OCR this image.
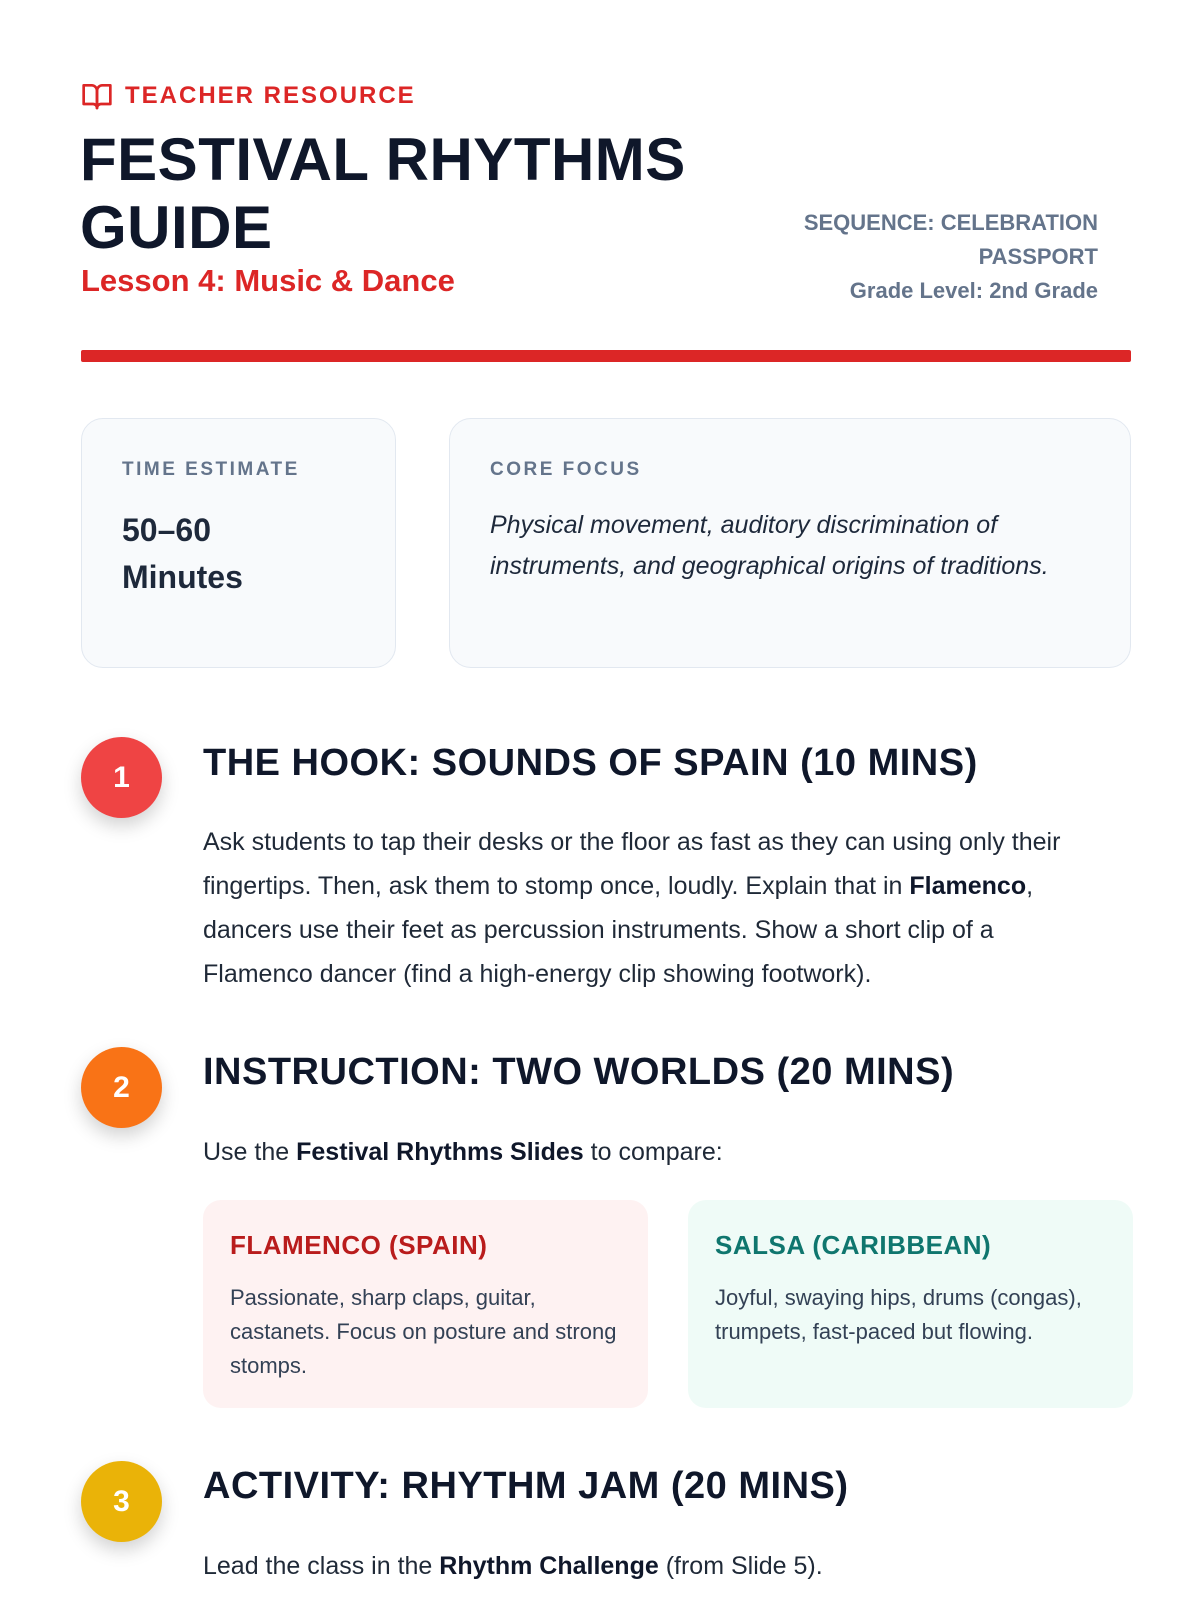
TEACHER RESOURCE
FESTIVAL RHYTHMS GUIDE
Lesson 4: Music & Dance
SEQUENCE: CELEBRATION PASSPORT
Grade Level: 2nd Grade
TIME ESTIMATE
50–60 Minutes
CORE FOCUS
Physical movement, auditory discrimination of instruments, and geographical origins of traditions.
1	THE HOOK: SOUNDS OF SPAIN (10 MINS)
Ask students to tap their desks or the floor as fast as they can using only their fingertips. Then, ask them to stomp once, loudly. Explain that in Flamenco, dancers use their feet as percussion instruments. Show a short clip of a Flamenco dancer (find a high-energy clip showing footwork).
2	INSTRUCTION: TWO WORLDS (20 MINS)
Use the Festival Rhythms Slides to compare:
FLAMENCO (SPAIN)

Passionate, sharp claps, guitar, castanets. Focus on posture and strong stomps.

SALSA (CARIBBEAN)

Joyful, swaying hips, drums (congas), trumpets, fast-paced but flowing.

3	ACTIVITY: RHYTHM JAM (20 MINS)
Lead the class in the Rhythm Challenge (from Slide 5).
